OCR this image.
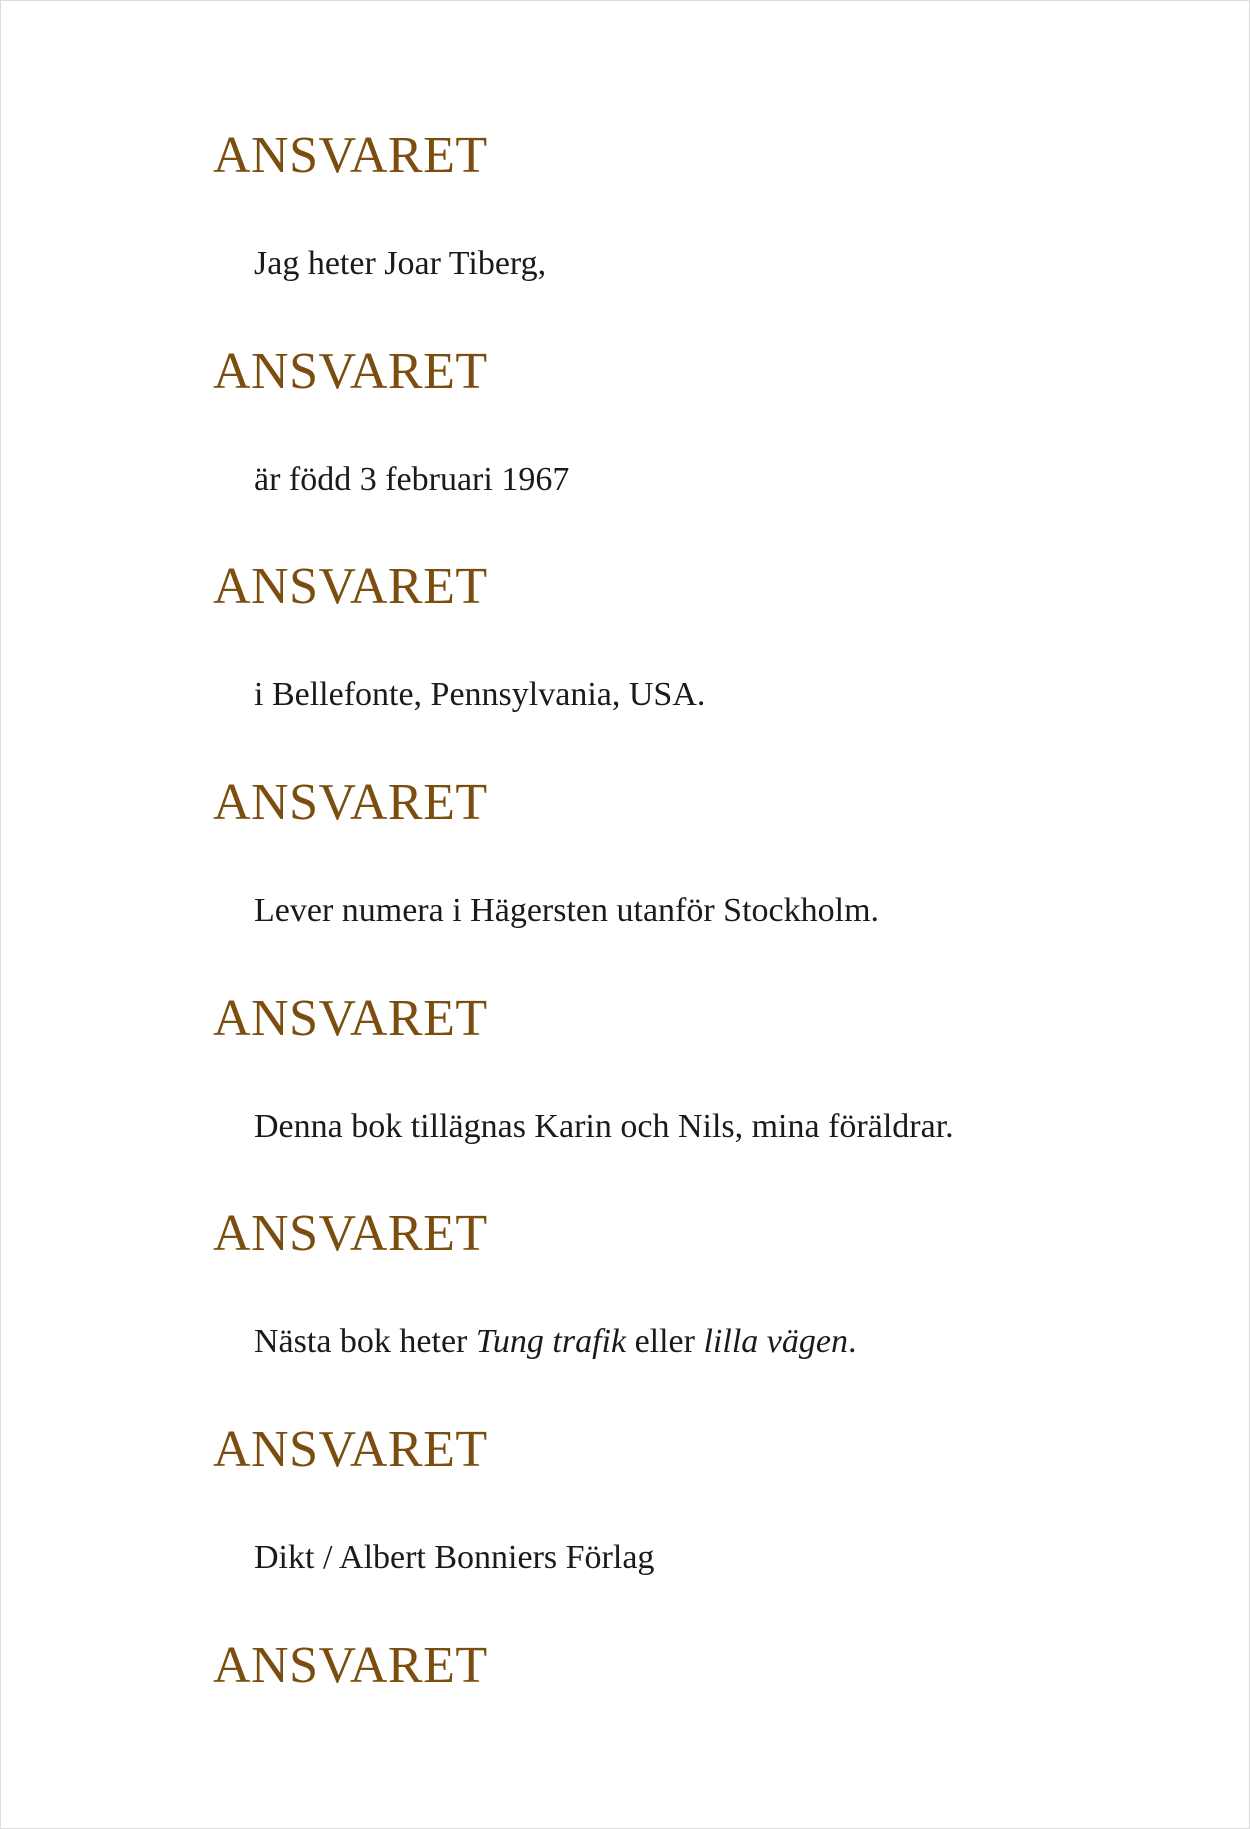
ANSVARET
Jag heter Joar Tiberg,
ANSVARET
är född 3 februari 1967
ANSVARET
i Bellefonte, Pennsylvania, USA.
ANSVARET
Lever numera i Hägersten utanför Stockholm.
ANSVARET
Denna bok tillägnas Karin och Nils, mina föräldrar.
ANSVARET
Nästa bok heter Tung trafik eller lilla vägen.
ANSVARET
Dikt / Albert Bonniers Förlag
ANSVARET
